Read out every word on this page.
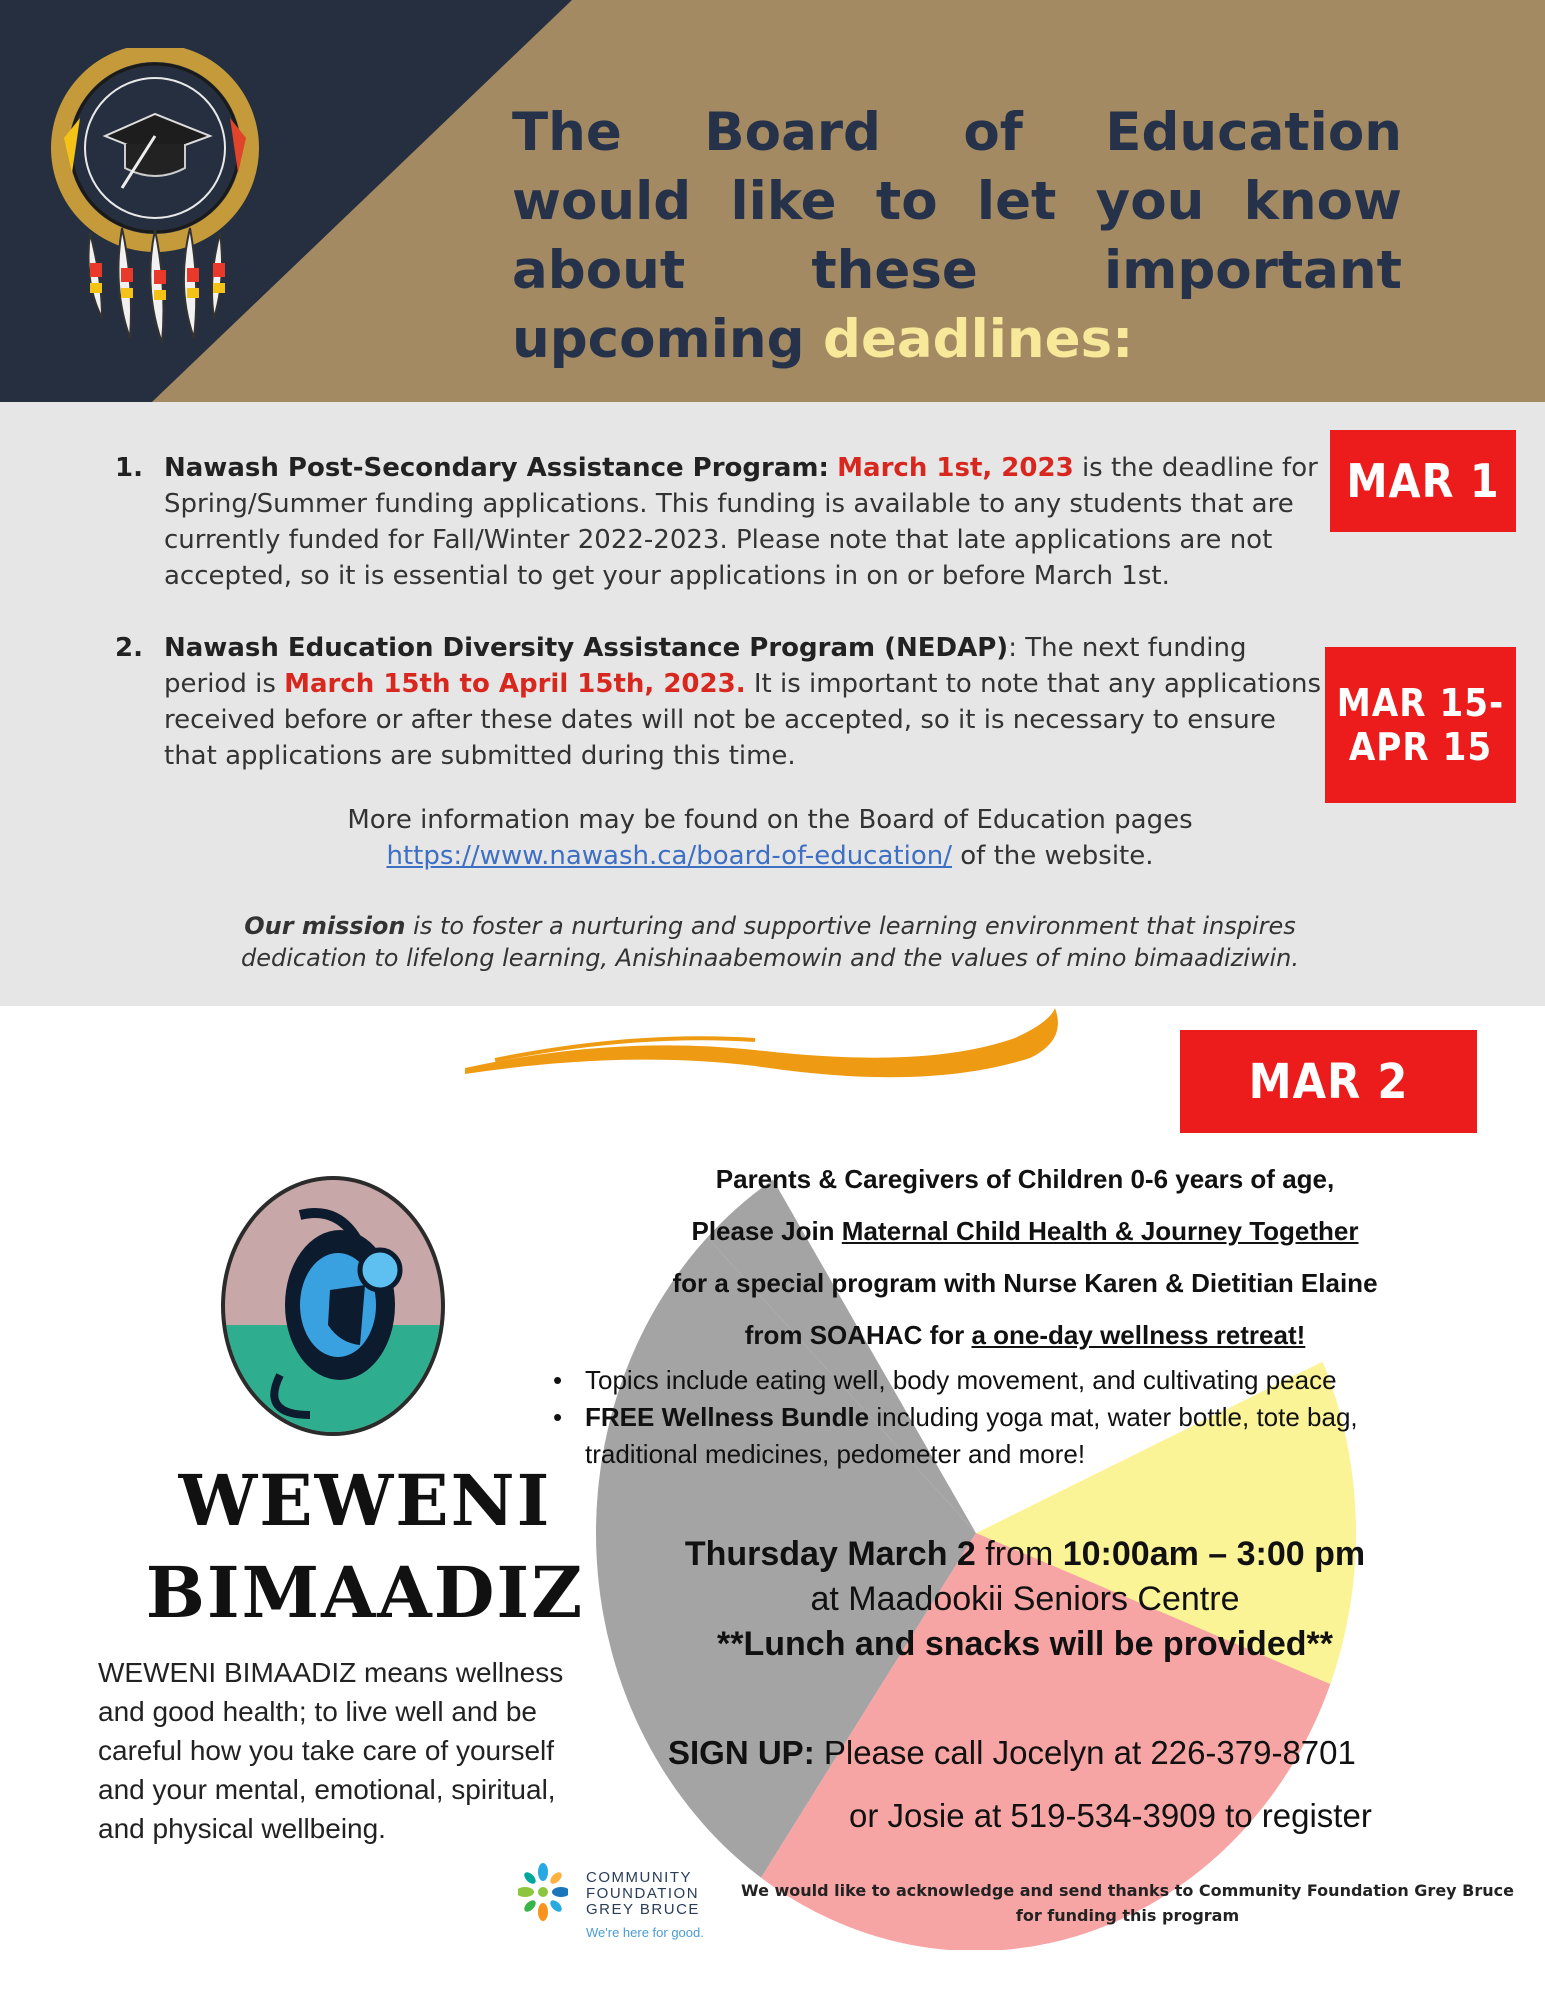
The Board of Education would like to let you know about these important upcoming deadlines:
1. Nawash Post-Secondary Assistance Program: March 1st, 2023 is the deadline for Spring/Summer funding applications. This funding is available to any students that are currently funded for Fall/Winter 2022-2023. Please note that late applications are not accepted, so it is essential to get your applications in on or before March 1st.
2. Nawash Education Diversity Assistance Program (NEDAP): The next funding period is March 15th to April 15th, 2023. It is important to note that any applications received before or after these dates will not be accepted, so it is necessary to ensure that applications are submitted during this time.
More information may be found on the Board of Education pages
https://www.nawash.ca/board-of-education/ of the website.
Our mission is to foster a nurturing and supportive learning environment that inspires dedication to lifelong learning, Anishinaabemowin and the values of mino bimaadiziwin.
MAR 1
MAR 15-
APR 15
MAR 2
WEWENI
BIMAADIZ
WEWENI BIMAADIZ means wellness and good health; to live well and be careful how you take care of yourself and your mental, emotional, spiritual, and physical wellbeing.
Parents & Caregivers of Children 0-6 years of age,
Please Join Maternal Child Health & Journey Together
for a special program with Nurse Karen & Dietitian Elaine
from SOAHAC for a one-day wellness retreat!
• Topics include eating well, body movement, and cultivating peace
• FREE Wellness Bundle including yoga mat, water bottle, tote bag, traditional medicines, pedometer and more!
Thursday March 2 from 10:00am – 3:00 pm
at Maadookii Seniors Centre
**Lunch and snacks will be provided**
SIGN UP: Please call Jocelyn at 226-379-8701
or Josie at 519-534-3909 to register
COMMUNITY
FOUNDATION
GREY BRUCE
We're here for good.
We would like to acknowledge and send thanks to Community Foundation Grey Bruce for funding this program
